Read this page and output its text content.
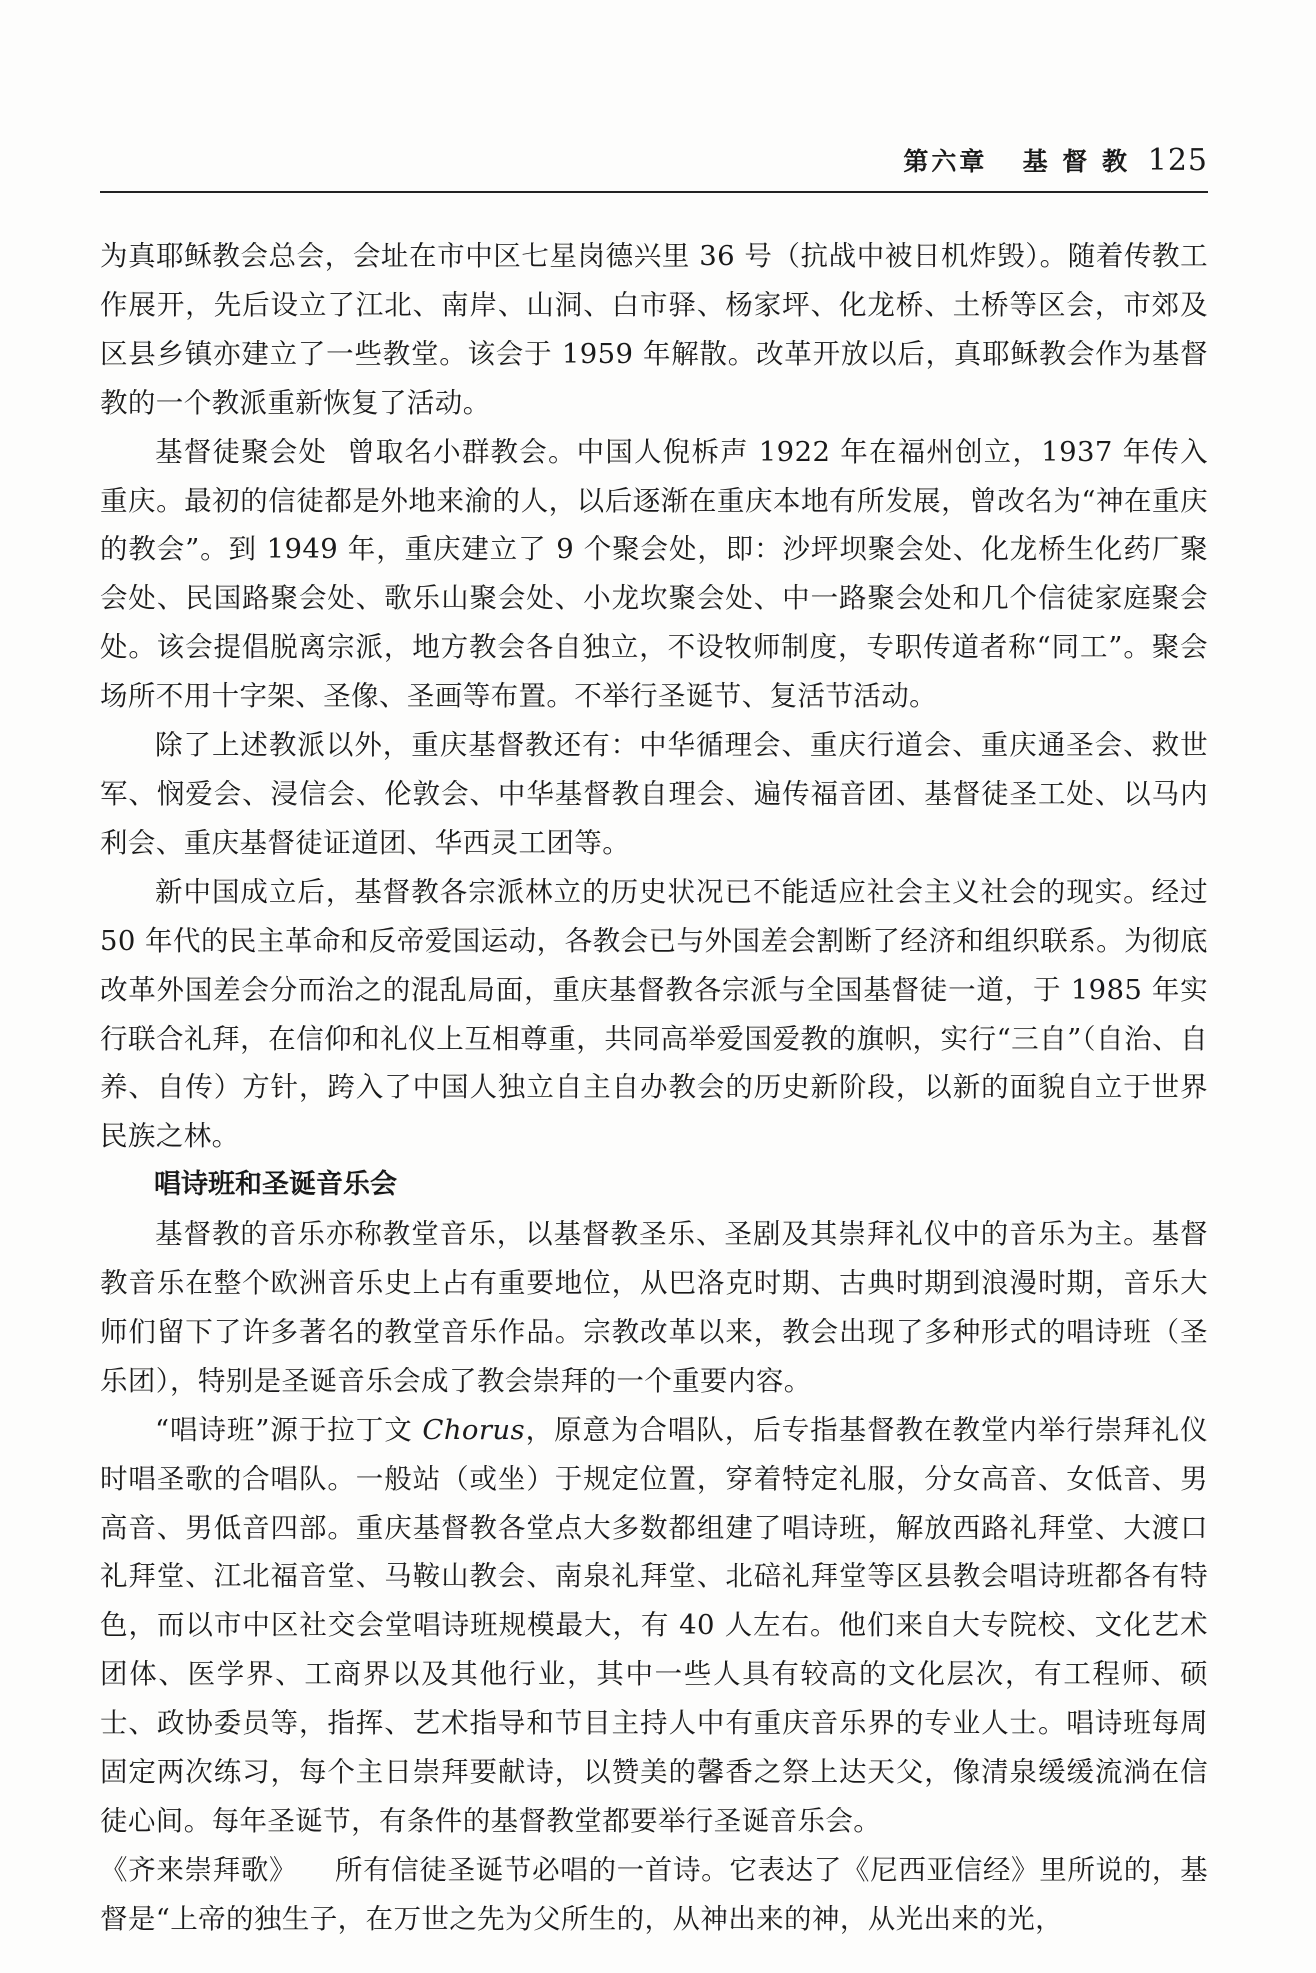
第六章 基 督 教 125

为真耶稣教会总会，会址在市中区七星岗德兴里 36 号（抗战中被日机炸毁）。随着传教工作展开，先后设立了江北、南岸、山洞、白市驿、杨家坪、化龙桥、土桥等区会，市郊及区县乡镇亦建立了一些教堂。该会于 1959 年解散。改革开放以后，真耶稣教会作为基督教的一个教派重新恢复了活动。

基督徒聚会处 曾取名小群教会。中国人倪柝声 1922 年在福州创立，1937 年传入重庆。最初的信徒都是外地来渝的人，以后逐渐在重庆本地有所发展，曾改名为“神在重庆的教会”。到 1949 年，重庆建立了 9 个聚会处，即：沙坪坝聚会处、化龙桥生化药厂聚会处、民国路聚会处、歌乐山聚会处、小龙坎聚会处、中一路聚会处和几个信徒家庭聚会处。该会提倡脱离宗派，地方教会各自独立，不设牧师制度，专职传道者称“同工”。聚会场所不用十字架、圣像、圣画等布置。不举行圣诞节、复活节活动。

除了上述教派以外，重庆基督教还有：中华循理会、重庆行道会、重庆通圣会、救世军、悯爱会、浸信会、伦敦会、中华基督教自理会、遍传福音团、基督徒圣工处、以马内利会、重庆基督徒证道团、华西灵工团等。

新中国成立后，基督教各宗派林立的历史状况已不能适应社会主义社会的现实。经过 50 年代的民主革命和反帝爱国运动，各教会已与外国差会割断了经济和组织联系。为彻底改革外国差会分而治之的混乱局面，重庆基督教各宗派与全国基督徒一道，于 1985 年实行联合礼拜，在信仰和礼仪上互相尊重，共同高举爱国爱教的旗帜，实行“三自”（自治、自养、自传）方针，跨入了中国人独立自主自办教会的历史新阶段，以新的面貌自立于世界民族之林。

唱诗班和圣诞音乐会

基督教的音乐亦称教堂音乐，以基督教圣乐、圣剧及其崇拜礼仪中的音乐为主。基督教音乐在整个欧洲音乐史上占有重要地位，从巴洛克时期、古典时期到浪漫时期，音乐大师们留下了许多著名的教堂音乐作品。宗教改革以来，教会出现了多种形式的唱诗班（圣乐团），特别是圣诞音乐会成了教会崇拜的一个重要内容。

“唱诗班”源于拉丁文 Chorus，原意为合唱队，后专指基督教在教堂内举行崇拜礼仪时唱圣歌的合唱队。一般站（或坐）于规定位置，穿着特定礼服，分女高音、女低音、男高音、男低音四部。重庆基督教各堂点大多数都组建了唱诗班，解放西路礼拜堂、大渡口礼拜堂、江北福音堂、马鞍山教会、南泉礼拜堂、北碚礼拜堂等区县教会唱诗班都各有特色，而以市中区社交会堂唱诗班规模最大，有 40 人左右。他们来自大专院校、文化艺术团体、医学界、工商界以及其他行业，其中一些人具有较高的文化层次，有工程师、硕士、政协委员等，指挥、艺术指导和节目主持人中有重庆音乐界的专业人士。唱诗班每周固定两次练习，每个主日崇拜要献诗，以赞美的馨香之祭上达天父，像清泉缓缓流淌在信徒心间。每年圣诞节，有条件的基督教堂都要举行圣诞音乐会。

《齐来崇拜歌》 所有信徒圣诞节必唱的一首诗。它表达了《尼西亚信经》里所说的，基督是“上帝的独生子，在万世之先为父所生的，从神出来的神，从光出来的光，
